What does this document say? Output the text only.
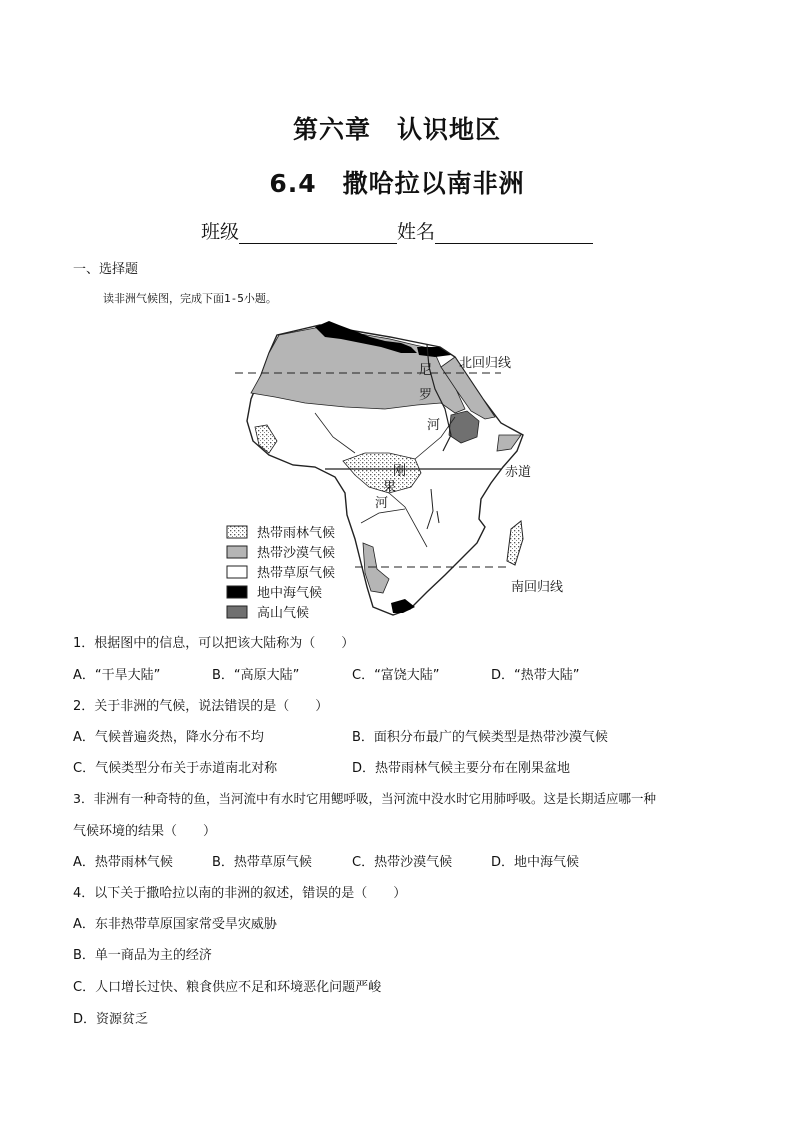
第六章　认识地区
6.4　撒哈拉以南非洲
班级	姓名
一、选择题
读非洲气候图，完成下面1-5小题。
尼
罗
河
北回归线
赤道
南回归线
刚
果
河
热带雨林气候
热带沙漠气候
热带草原气候
地中海气候
高山气候
1．根据图中的信息，可以把该大陆称为（　　）
A．“干旱大陆”	B．“高原大陆”	C．“富饶大陆”	D．“热带大陆”
2．关于非洲的气候，说法错误的是（　　）
A．气候普遍炎热，降水分布不均	B．面积分布最广的气候类型是热带沙漠气候
C．气候类型分布关于赤道南北对称	D．热带雨林气候主要分布在刚果盆地
3．非洲有一种奇特的鱼，当河流中有水时它用鳃呼吸，当河流中没水时它用肺呼吸。这是长期适应哪一种
气候环境的结果（　　）
A．热带雨林气候	B．热带草原气候	C．热带沙漠气候	D．地中海气候
4．以下关于撒哈拉以南的非洲的叙述，错误的是（　　）
A．东非热带草原国家常受旱灾威胁
B．单一商品为主的经济
C．人口增长过快、粮食供应不足和环境恶化问题严峻
D．资源贫乏
